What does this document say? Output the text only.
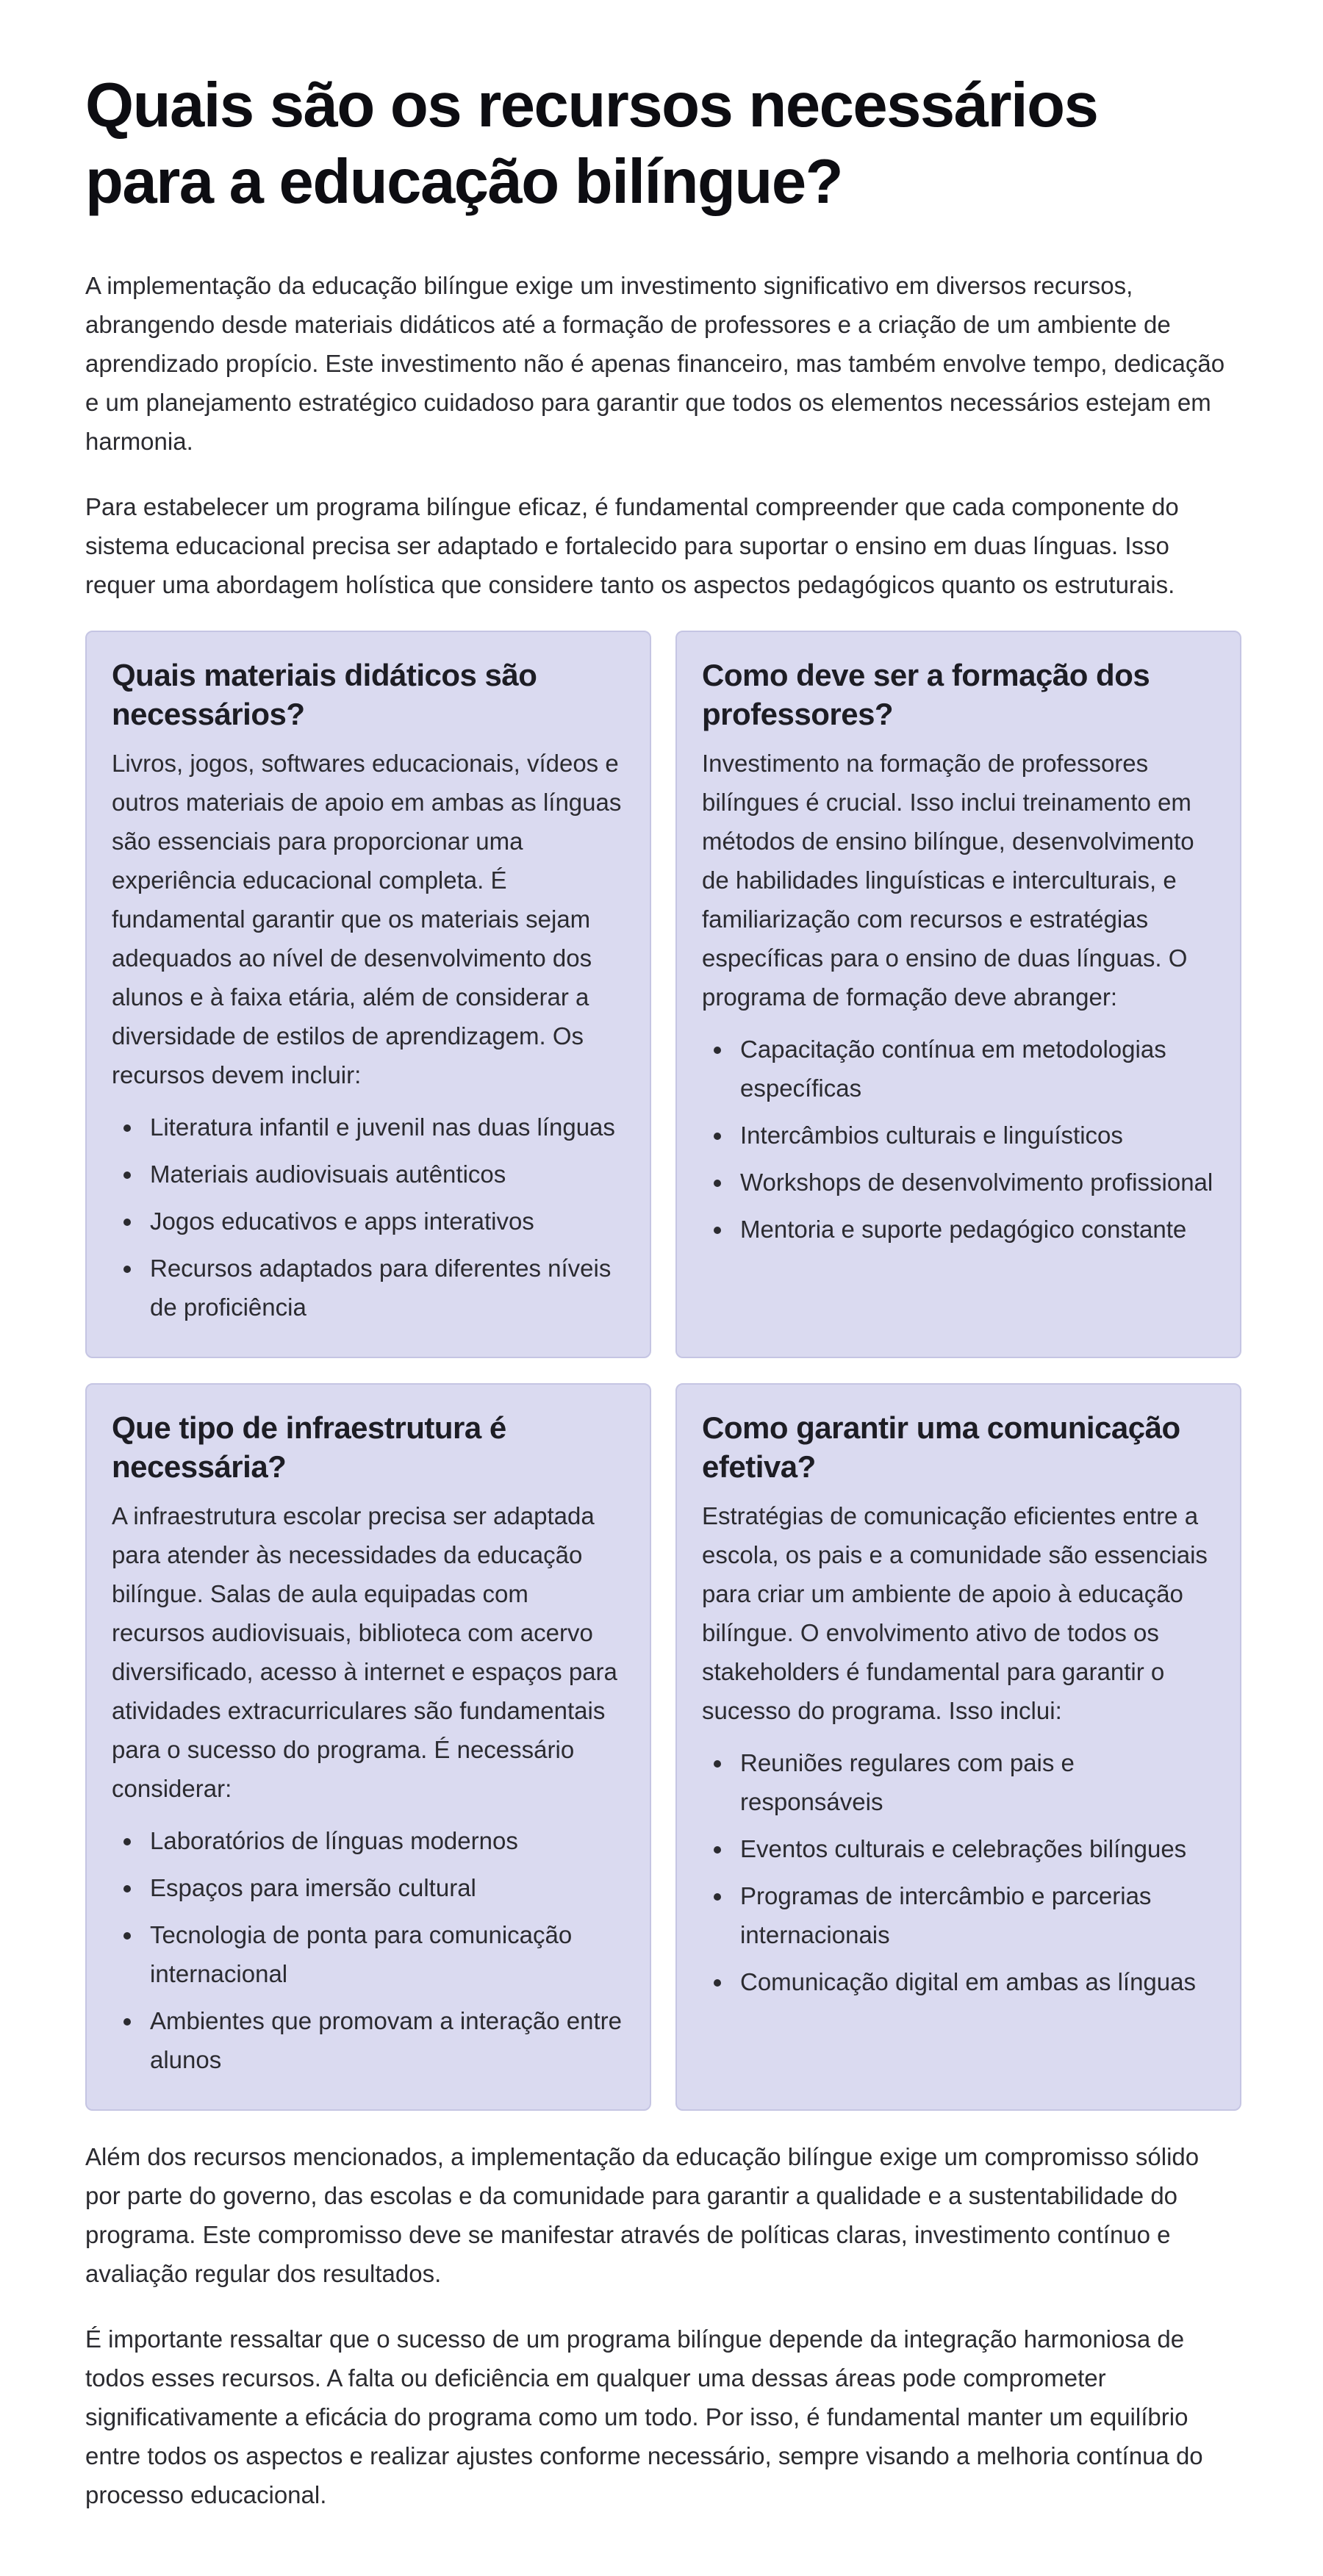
Quais são os recursos necessários para a educação bilíngue?

A implementação da educação bilíngue exige um investimento significativo em diversos recursos, abrangendo desde materiais didáticos até a formação de professores e a criação de um ambiente de aprendizado propício. Este investimento não é apenas financeiro, mas também envolve tempo, dedicação e um planejamento estratégico cuidadoso para garantir que todos os elementos necessários estejam em harmonia.

Para estabelecer um programa bilíngue eficaz, é fundamental compreender que cada componente do sistema educacional precisa ser adaptado e fortalecido para suportar o ensino em duas línguas. Isso requer uma abordagem holística que considere tanto os aspectos pedagógicos quanto os estruturais.

Quais materiais didáticos são necessários?

Livros, jogos, softwares educacionais, vídeos e outros materiais de apoio em ambas as línguas são essenciais para proporcionar uma experiência educacional completa. É fundamental garantir que os materiais sejam adequados ao nível de desenvolvimento dos alunos e à faixa etária, além de considerar a diversidade de estilos de aprendizagem. Os recursos devem incluir:

Literatura infantil e juvenil nas duas línguas
Materiais audiovisuais autênticos
Jogos educativos e apps interativos
Recursos adaptados para diferentes níveis de proficiência
Como deve ser a formação dos professores?

Investimento na formação de professores bilíngues é crucial. Isso inclui treinamento em métodos de ensino bilíngue, desenvolvimento de habilidades linguísticas e interculturais, e familiarização com recursos e estratégias específicas para o ensino de duas línguas. O programa de formação deve abranger:

Capacitação contínua em metodologias específicas
Intercâmbios culturais e linguísticos
Workshops de desenvolvimento profissional
Mentoria e suporte pedagógico constante
Que tipo de infraestrutura é necessária?

A infraestrutura escolar precisa ser adaptada para atender às necessidades da educação bilíngue. Salas de aula equipadas com recursos audiovisuais, biblioteca com acervo diversificado, acesso à internet e espaços para atividades extracurriculares são fundamentais para o sucesso do programa. É necessário considerar:

Laboratórios de línguas modernos
Espaços para imersão cultural
Tecnologia de ponta para comunicação internacional
Ambientes que promovam a interação entre alunos
Como garantir uma comunicação efetiva?

Estratégias de comunicação eficientes entre a escola, os pais e a comunidade são essenciais para criar um ambiente de apoio à educação bilíngue. O envolvimento ativo de todos os stakeholders é fundamental para garantir o sucesso do programa. Isso inclui:

Reuniões regulares com pais e responsáveis
Eventos culturais e celebrações bilíngues
Programas de intercâmbio e parcerias internacionais
Comunicação digital em ambas as línguas

Além dos recursos mencionados, a implementação da educação bilíngue exige um compromisso sólido por parte do governo, das escolas e da comunidade para garantir a qualidade e a sustentabilidade do programa. Este compromisso deve se manifestar através de políticas claras, investimento contínuo e avaliação regular dos resultados.

É importante ressaltar que o sucesso de um programa bilíngue depende da integração harmoniosa de todos esses recursos. A falta ou deficiência em qualquer uma dessas áreas pode comprometer significativamente a eficácia do programa como um todo. Por isso, é fundamental manter um equilíbrio entre todos os aspectos e realizar ajustes conforme necessário, sempre visando a melhoria contínua do processo educacional.
